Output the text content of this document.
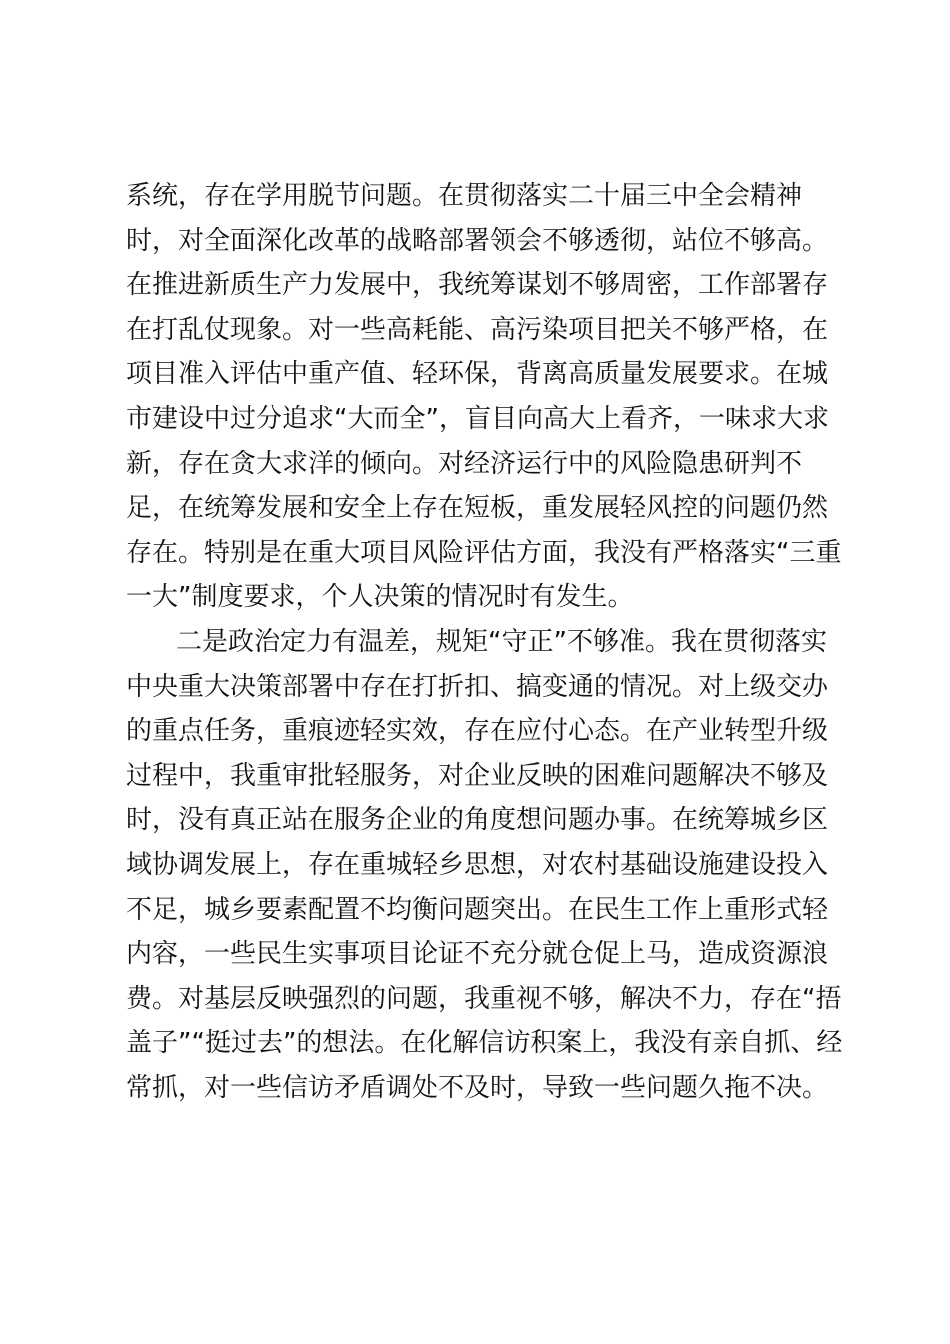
系统，存在学用脱节问题。在贯彻落实二十届三中全会精神
时，对全面深化改革的战略部署领会不够透彻，站位不够高。
在推进新质生产力发展中，我统筹谋划不够周密，工作部署存
在打乱仗现象。对一些高耗能、高污染项目把关不够严格，在
项目准入评估中重产值、轻环保，背离高质量发展要求。在城
市建设中过分追求“大而全”，盲目向高大上看齐，一味求大求
新，存在贪大求洋的倾向。对经济运行中的风险隐患研判不
足，在统筹发展和安全上存在短板，重发展轻风控的问题仍然
存在。特别是在重大项目风险评估方面，我没有严格落实“三重
一大”制度要求，个人决策的情况时有发生。
二是政治定力有温差，规矩“守正”不够准。我在贯彻落实
中央重大决策部署中存在打折扣、搞变通的情况。对上级交办
的重点任务，重痕迹轻实效，存在应付心态。在产业转型升级
过程中，我重审批轻服务，对企业反映的困难问题解决不够及
时，没有真正站在服务企业的角度想问题办事。在统筹城乡区
域协调发展上，存在重城轻乡思想，对农村基础设施建设投入
不足，城乡要素配置不均衡问题突出。在民生工作上重形式轻
内容，一些民生实事项目论证不充分就仓促上马，造成资源浪
费。对基层反映强烈的问题，我重视不够，解决不力，存在“捂
盖子”“挺过去”的想法。在化解信访积案上，我没有亲自抓、经
常抓，对一些信访矛盾调处不及时，导致一些问题久拖不决。
